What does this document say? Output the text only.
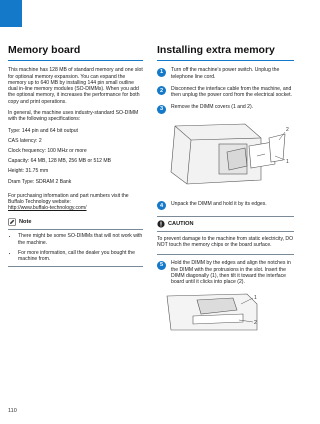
Memory board

This machine has 128 MB of standard memory and one slot for optional memory expansion. You can expand the memory up to 640 MB by installing 144 pin small outline dual in-line memory modules (SO-DIMMs). When you add the optional memory, it increases the performance for both copy and print operations.

In general, the machine uses industry-standard SO-DIMM with the following specifications:

Type: 144 pin and 64 bit output
CAS latency: 2
Clock frequency: 100 MHz or more
Capacity: 64 MB, 128 MB, 256 MB or 512 MB
Height: 31.75 mm
Dram Type: SDRAM 2 Bank

For purchasing information and part numbers visit the Buffalo Technology website:
http://www.buffalo-technology.com/

Note
• There might be some SO-DIMMs that will not work with the machine.
• For more information, call the dealer you bought the machine from.
Installing extra memory
1	Turn off the machine’s power switch. Unplug the telephone line cord.
2	Disconnect the interface cable from the machine, and then unplug the power cord from the electrical socket.
3	Remove the DIMM covers (1 and 2).
2
1
4	Unpack the DIMM and hold it by its edges.
CAUTION

To prevent damage to the machine from static electricity, DO NOT touch the memory chips or the board surface.

5	Hold the DIMM by the edges and align the notches in the DIMM with the protrusions in the slot. Insert the DIMM diagonally (1), then tilt it toward the interface board until it clicks into place (2).
1
2
110
